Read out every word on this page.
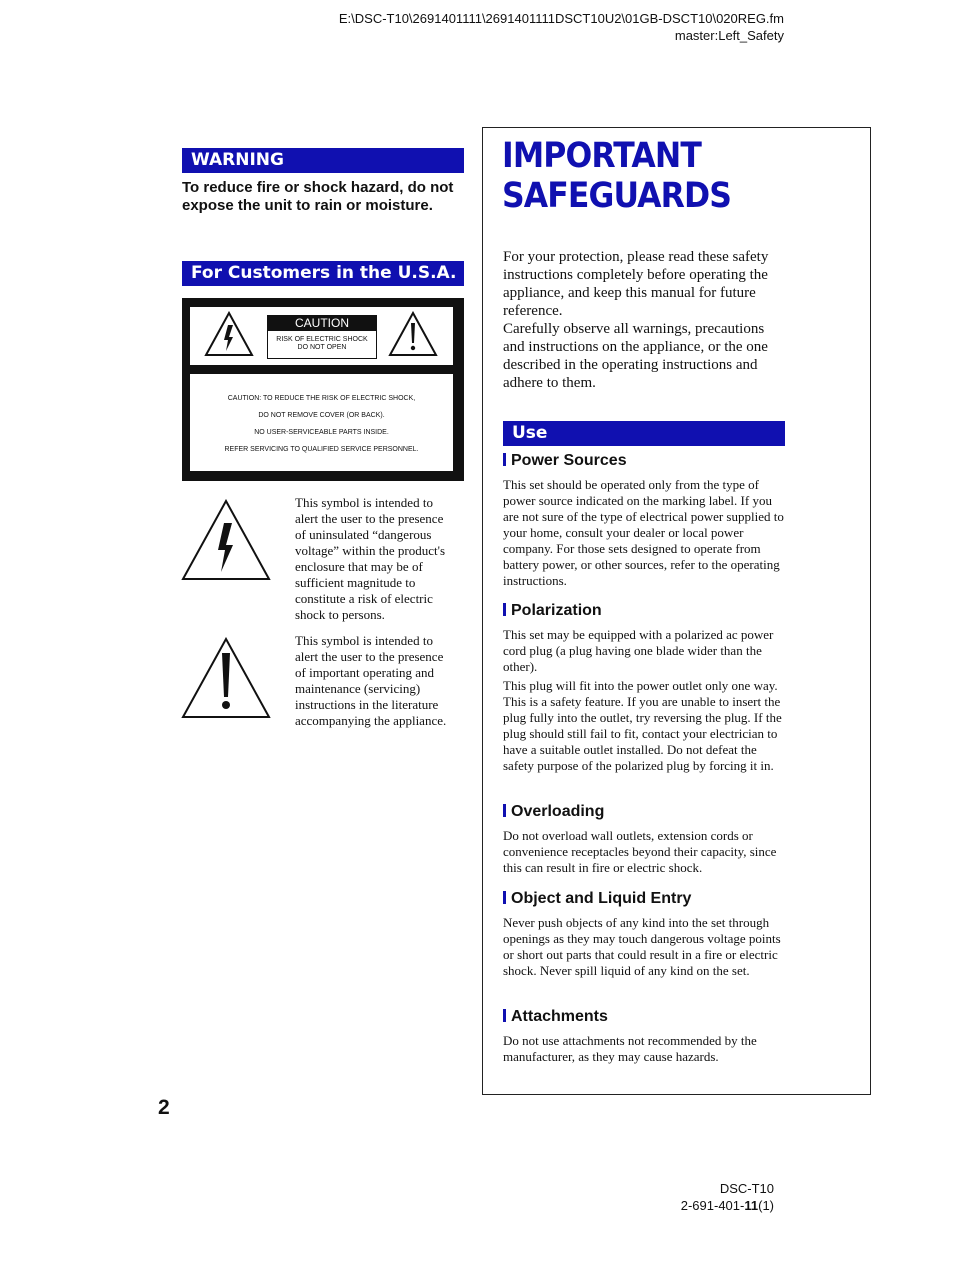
E:\DSC-T10\2691401111\2691401111DSCT10U2\01GB-DSCT10\020REG.fm
master:Left_Safety
WARNING
To reduce fire or shock hazard, do not expose the unit to rain or moisture.
For Customers in the U.S.A.
CAUTION
RISK OF ELECTRIC SHOCK
DO NOT OPEN
CAUTION: TO REDUCE THE RISK OF ELECTRIC SHOCK,
DO NOT REMOVE COVER (OR BACK).
NO USER-SERVICEABLE PARTS INSIDE.
REFER SERVICING TO QUALIFIED SERVICE PERSONNEL.
This symbol is intended to alert the user to the presence of uninsulated “dangerous voltage” within the product's enclosure that may be of sufficient magnitude to constitute a risk of electric shock to persons.
This symbol is intended to alert the user to the presence of important operating and maintenance (servicing) instructions in the literature accompanying the appliance.
2
IMPORTANT
SAFEGUARDS
For your protection, please read these safety instructions completely before operating the appliance, and keep this manual for future reference.
Carefully observe all warnings, precautions and instructions on the appliance, or the one described in the operating instructions and adhere to them.
Use
Power Sources
This set should be operated only from the type of power source indicated on the marking label. If you are not sure of the type of electrical power supplied to your home, consult your dealer or local power company. For those sets designed to operate from battery power, or other sources, refer to the operating instructions.
Polarization
This set may be equipped with a polarized ac power cord plug (a plug having one blade wider than the other).
This plug will fit into the power outlet only one way. This is a safety feature. If you are unable to insert the plug fully into the outlet, try reversing the plug. If the plug should still fail to fit, contact your electrician to have a suitable outlet installed. Do not defeat the safety purpose of the polarized plug by forcing it in.
Overloading
Do not overload wall outlets, extension cords or convenience receptacles beyond their capacity, since this can result in fire or electric shock.
Object and Liquid Entry
Never push objects of any kind into the set through openings as they may touch dangerous voltage points or short out parts that could result in a fire or electric shock. Never spill liquid of any kind on the set.
Attachments
Do not use attachments not recommended by the manufacturer, as they may cause hazards.
DSC-T10
2-691-401-11(1)
